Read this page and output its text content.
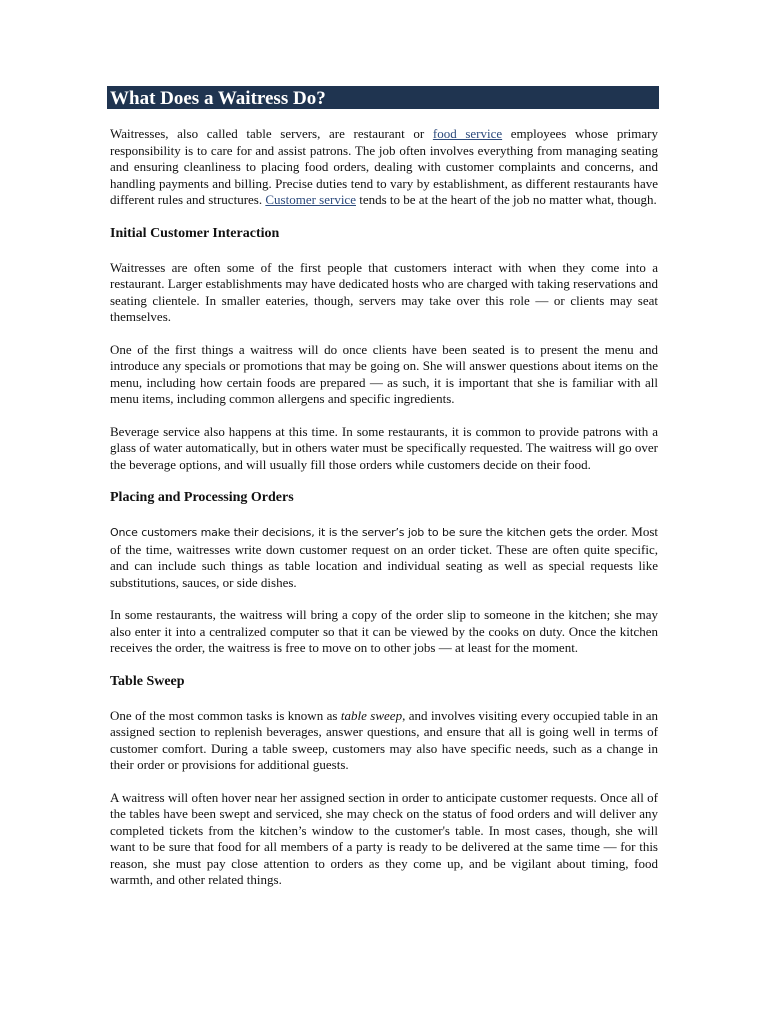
What Does a Waitress Do?

Waitresses, also called table servers, are restaurant or food service employees whose primary responsibility is to care for and assist patrons. The job often involves everything from managing seating and ensuring cleanliness to placing food orders, dealing with customer complaints and concerns, and handling payments and billing. Precise duties tend to vary by establishment, as different restaurants have different rules and structures. Customer service tends to be at the heart of the job no matter what, though.

Initial Customer Interaction

Waitresses are often some of the first people that customers interact with when they come into a restaurant. Larger establishments may have dedicated hosts who are charged with taking reservations and seating clientele. In smaller eateries, though, servers may take over this role — or clients may seat themselves.

One of the first things a waitress will do once clients have been seated is to present the menu and introduce any specials or promotions that may be going on. She will answer questions about items on the menu, including how certain foods are prepared — as such, it is important that she is familiar with all menu items, including common allergens and specific ingredients.

Beverage service also happens at this time. In some restaurants, it is common to provide patrons with a glass of water automatically, but in others water must be specifically requested. The waitress will go over the beverage options, and will usually fill those orders while customers decide on their food.

Placing and Processing Orders

Once customers make their decisions, it is the server’s job to be sure the kitchen gets the order. Most of the time, waitresses write down customer request on an order ticket. These are often quite specific, and can include such things as table location and individual seating as well as special requests like substitutions, sauces, or side dishes.

In some restaurants, the waitress will bring a copy of the order slip to someone in the kitchen; she may also enter it into a centralized computer so that it can be viewed by the cooks on duty. Once the kitchen receives the order, the waitress is free to move on to other jobs — at least for the moment.

Table Sweep

One of the most common tasks is known as table sweep, and involves visiting every occupied table in an assigned section to replenish beverages, answer questions, and ensure that all is going well in terms of customer comfort. During a table sweep, customers may also have specific needs, such as a change in their order or provisions for additional guests.

A waitress will often hover near her assigned section in order to anticipate customer requests. Once all of the tables have been swept and serviced, she may check on the status of food orders and will deliver any completed tickets from the kitchen’s window to the customer's table. In most cases, though, she will want to be sure that food for all members of a party is ready to be delivered at the same time — for this reason, she must pay close attention to orders as they come up, and be vigilant about timing, food warmth, and other related things.
